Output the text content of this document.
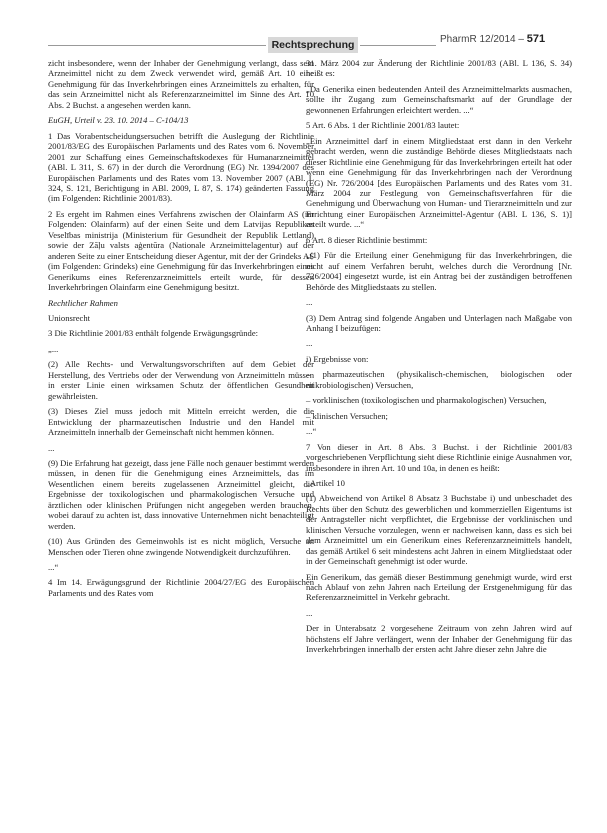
Rechtsprechung	PharmR 12/2014 – 571

zicht insbesondere, wenn der Inhaber der Genehmigung verlangt, dass sein Arzneimittel nicht zu dem Zweck verwendet wird, gemäß Art. 10 eine Genehmigung für das Inverkehrbringen eines Arzneimittels zu erhalten, für das sein Arzneimittel nicht als Referenzarzneimittel im Sinne des Art. 10 Abs. 2 Buchst. a angesehen werden kann.

EuGH, Urteil v. 23. 10. 2014 – C-104/13

1 Das Vorabentscheidungsersuchen betrifft die Auslegung der Richtlinie 2001/83/EG des Europäischen Parlaments und des Rates vom 6. November 2001 zur Schaffung eines Gemeinschaftskodexes für Humanarzneimittel (ABl. L 311, S. 67) in der durch die Verordnung (EG) Nr. 1394/2007 des Europäischen Parlaments und des Rates vom 13. November 2007 (ABl. L 324, S. 121, Berichtigung in ABl. 2009, L 87, S. 174) geänderten Fassung (im Folgenden: Richtlinie 2001/83).

2 Es ergeht im Rahmen eines Verfahrens zwischen der Olainfarm AS (im Folgenden: Olainfarm) auf der einen Seite und dem Latvijas Republikas Veselības ministrija (Ministerium für Gesundheit der Republik Lettland) sowie der Zāļu valsts aģentūra (Nationale Arzneimittelagentur) auf der anderen Seite zu einer Entscheidung dieser Agentur, mit der der Grindeks AS (im Folgenden: Grindeks) eine Genehmigung für das Inverkehrbringen eines Generikums eines Referenzarzneimittels erteilt wurde, für dessen Inverkehrbringen Olainfarm eine Genehmigung besitzt.

Rechtlicher Rahmen

Unionsrecht

3 Die Richtlinie 2001/83 enthält folgende Erwägungsgründe:

„...

(2) Alle Rechts- und Verwaltungsvorschriften auf dem Gebiet der Herstellung, des Vertriebs oder der Verwendung von Arzneimitteln müssen in erster Linie einen wirksamen Schutz der öffentlichen Gesundheit gewährleisten.

(3) Dieses Ziel muss jedoch mit Mitteln erreicht werden, die die Entwicklung der pharmazeutischen Industrie und den Handel mit Arzneimitteln innerhalb der Gemeinschaft nicht hemmen können.

...

(9) Die Erfahrung hat gezeigt, dass jene Fälle noch genauer bestimmt werden müssen, in denen für die Genehmigung eines Arzneimittels, das im Wesentlichen einem bereits zugelassenen Arzneimittel gleicht, die Ergebnisse der toxikologischen und pharmakologischen Versuche und ärztlichen oder klinischen Prüfungen nicht angegeben werden brauchen, wobei darauf zu achten ist, dass innovative Unternehmen nicht benachteiligt werden.

(10) Aus Gründen des Gemeinwohls ist es nicht möglich, Versuche an Menschen oder Tieren ohne zwingende Notwendigkeit durchzuführen.

...“

4 Im 14. Erwägungsgrund der Richtlinie 2004/27/EG des Europäischen Parlaments und des Rates vom

31. März 2004 zur Änderung der Richtlinie 2001/83 (ABl. L 136, S. 34) heißt es:

„Da Generika einen bedeutenden Anteil des Arzneimittelmarkts ausmachen, sollte ihr Zugang zum Gemeinschaftsmarkt auf der Grundlage der gewonnenen Erfahrungen erleichtert werden. ...“

5 Art. 6 Abs. 1 der Richtlinie 2001/83 lautet:

„Ein Arzneimittel darf in einem Mitgliedstaat erst dann in den Verkehr gebracht werden, wenn die zuständige Behörde dieses Mitgliedstaats nach dieser Richtlinie eine Genehmigung für das Inverkehrbringen erteilt hat oder wenn eine Genehmigung für das Inverkehrbringen nach der Verordnung (EG) Nr. 726/2004 [des Europäischen Parlaments und des Rates vom 31. März 2004 zur Festlegung von Gemeinschaftsverfahren für die Genehmigung und Überwachung von Human- und Tierarzneimitteln und zur Errichtung einer Europäischen Arzneimittel-Agentur (ABl. L 136, S. 1)] erteilt wurde. ...“

6 Art. 8 dieser Richtlinie bestimmt:

„(1) Für die Erteilung einer Genehmigung für das Inverkehrbringen, die nicht auf einem Verfahren beruht, welches durch die Verordnung [Nr. 726/2004] eingesetzt wurde, ist ein Antrag bei der zuständigen betroffenen Behörde des Mitgliedstaats zu stellen.

...

(3) Dem Antrag sind folgende Angaben und Unterlagen nach Maßgabe von Anhang I beizufügen:

...

i) Ergebnisse von:

– pharmazeutischen (physikalisch-chemischen, biologischen oder mikrobiologischen) Versuchen,

– vorklinischen (toxikologischen und pharmakologischen) Versuchen,

– klinischen Versuchen;

...“

7 Von dieser in Art. 8 Abs. 3 Buchst. i der Richtlinie 2001/83 vorgeschriebenen Verpflichtung sieht diese Richtlinie einige Ausnahmen vor, insbesondere in ihren Art. 10 und 10a, in denen es heißt:

„Artikel 10

(1) Abweichend von Artikel 8 Absatz 3 Buchstabe i) und unbeschadet des Rechts über den Schutz des gewerblichen und kommerziellen Eigentums ist der Antragsteller nicht verpflichtet, die Ergebnisse der vorklinischen und klinischen Versuche vorzulegen, wenn er nachweisen kann, dass es sich bei dem Arzneimittel um ein Generikum eines Referenzarzneimittels handelt, das gemäß Artikel 6 seit mindestens acht Jahren in einem Mitgliedstaat oder in der Gemeinschaft genehmigt ist oder wurde.

Ein Generikum, das gemäß dieser Bestimmung genehmigt wurde, wird erst nach Ablauf von zehn Jahren nach Erteilung der Erstgenehmigung für das Referenzarzneimittel in Verkehr gebracht.

...

Der in Unterabsatz 2 vorgesehene Zeitraum von zehn Jahren wird auf höchstens elf Jahre verlängert, wenn der Inhaber der Genehmigung für das Inverkehrbringen innerhalb der ersten acht Jahre dieser zehn Jahre die
